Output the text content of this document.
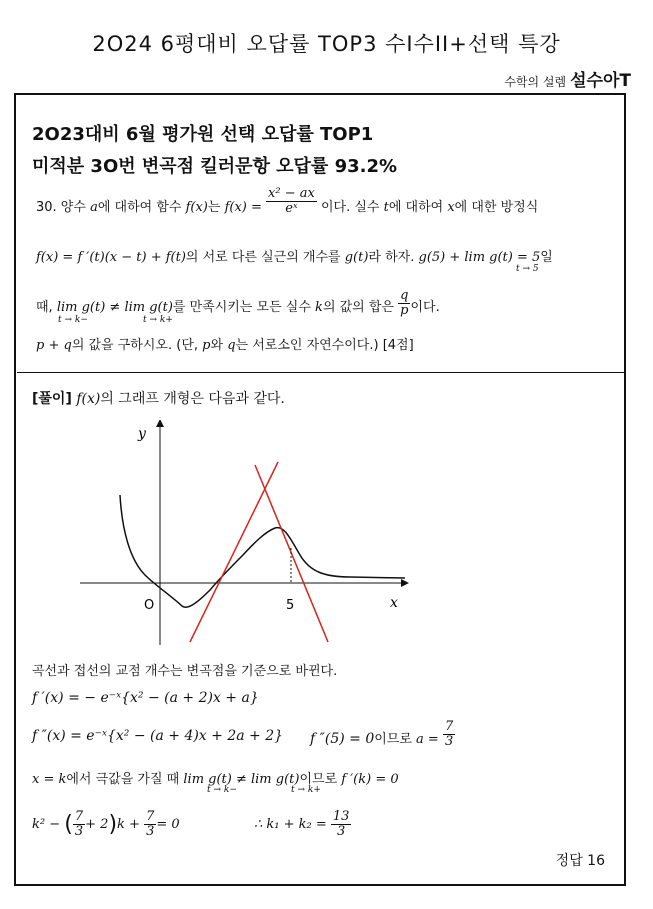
2O24 6평대비 오답률 TOP3 수I수II+선택 특강
수학의 설렘 설수아T
2O23대비 6월 평가원 선택 오답률 TOP1
미적분 3O번 변곡점 킬러문항 오답률 93.2%
30. 양수 a에 대하여 함수 f(x)는 $f(x) = \frac{\text{x² − ax}}{\text{eˣ}}$ 이다. 실수 t에 대하여 x에 대한 방정식
f(x) = f ′(t)(x − t) + f(t)의 서로 다른 실근의 개수를 g(t)라 하자. g(5) + lim g(t) = 5일
t → 5
때, lim g(t) ≠ lim g(t)를 만족시키는 모든 실수 k의 값의 합은 $\frac{q}{p}$ 이다.
t → k−	t → k+
p + q의 값을 구하시오. (단, p와 q는 서로소인 자연수이다.) [4점]
[풀이] f(x)의 그래프 개형은 다음과 같다.
y
x
O	5
곡선과 접선의 교점 개수는 변곡점을 기준으로 바뀐다.
f ′(x) = − e⁻ˣ{x² − (a + 2)x + a}
f ″(x) = e⁻ˣ{x² − (a + 4)x + 2a + 2} f ″(5) = 0이므로 $a = \frac{7}{3}$
x = k에서 극값을 가질 때 lim g(t) ≠ lim g(t)이므로 f ′(k) = 0
t → k−	t → k+
k² − ( $\frac{7}{3} + 2)k + \frac{7}{3} = 0$	∴ $k_1 + k_2 = \frac{13}{3}$
정답 16
